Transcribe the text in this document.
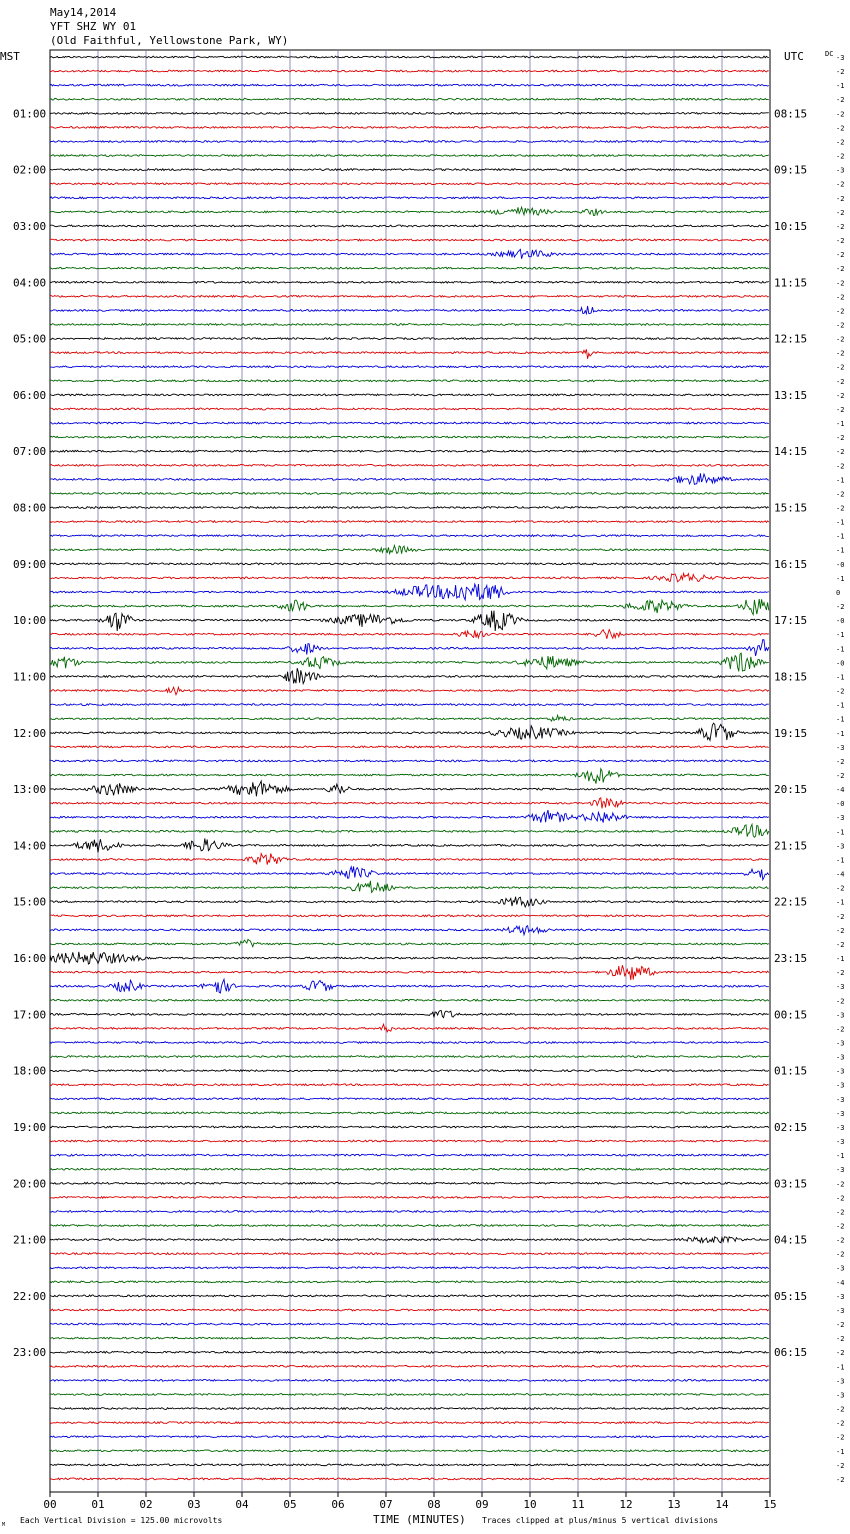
May14,2014
YFT SHZ WY 01
(Old Faithful, Yellowstone Park, WY)
00	01	02	03	04	05	06	07	08	09	10	11	12	13	14	15
-3
-2
-1
-2
-2
-2
-2
-2
-3
-2
-2
-2
-2
-2
-2
-2
-2
-2
-2
-2
-2
-2
-2
-2
-2
-2
-1
-2
-2
-2
-1
-2
-2
-1
-1
-1
-0
-1
0
-2
-0
-1
-1
-0
-1
-2
-1
-1
-1
-3
-2
-2
-4
-0
-3
-1
-3
-1
-4
-2
-1
-2
-2
-2
-1
-2
-3
-2
-3
-2
-3
-3
-3
-3
-3
-3
-3
-3
-1
-3
-2
-2
-2
-2
-2
-2
-3
-4
-3
-3
-2
-2
-2
-1
-3
-3
-2
-2
-2
-1
-2
-2
01:00	08:15
02:00	09:15
03:00	10:15
04:00	11:15
05:00	12:15
06:00	13:15
07:00	14:15
08:00	15:15
09:00	16:15
10:00	17:15
11:00	18:15
12:00	19:15
13:00	20:15
14:00	21:15
15:00	22:15
16:00	23:15
17:00	00:15
18:00	01:15
19:00	02:15
20:00	03:15
21:00	04:15
22:00	05:15
23:00	06:15
MST	UTC	DC
TIME (MINUTES)
Each Vertical Division = 125.00 microvolts	Traces clipped at plus/minus 5 vertical divisions
M
